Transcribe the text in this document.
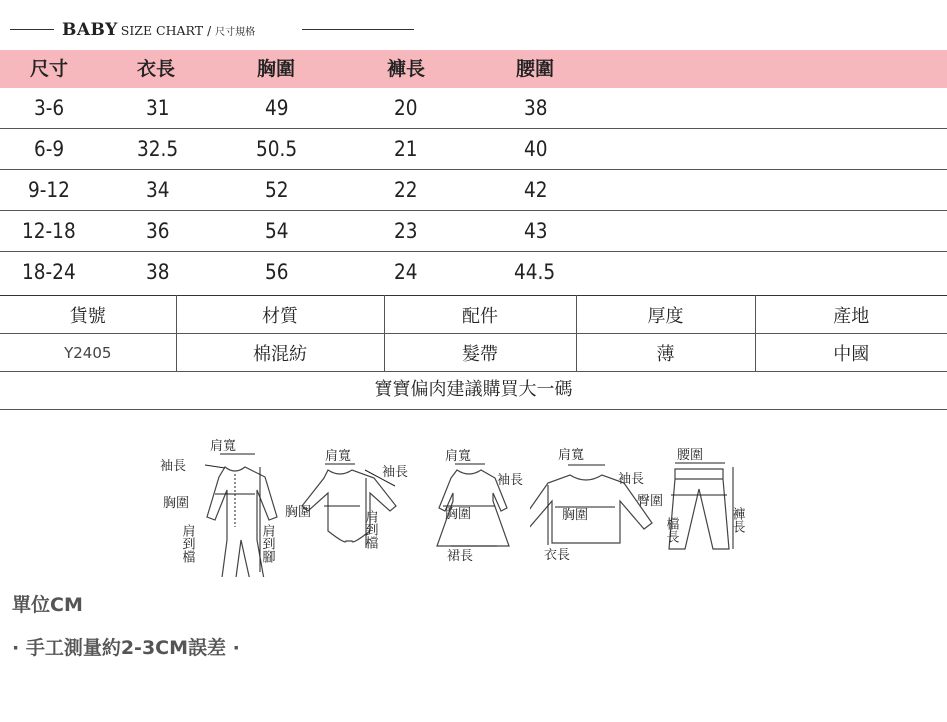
BABY SIZE CHART / 尺寸規格
尺寸	衣長	胸圍	褲長	腰圍
3-6	31	49	20	38
6-9	32.5	50.5	21	40
9-12	34	52	22	42
12-18	36	54	23	43
18-24	38	56	24	44.5
貨號	材質	配件	厚度	產地
Y2405	棉混紡	髮帶	薄	中國
寶寶偏肉建議購買大一碼
肩寬
袖長
胸圍
肩到檔	肩到腳
肩寬
袖長
胸圍	肩到檔
肩寬
袖長
胸圍
裙長
肩寬
袖長
胸圍
衣長
腰圍
臀圍
檔長	褲長
單位CM
· 手工測量約2-3CM誤差 ·
